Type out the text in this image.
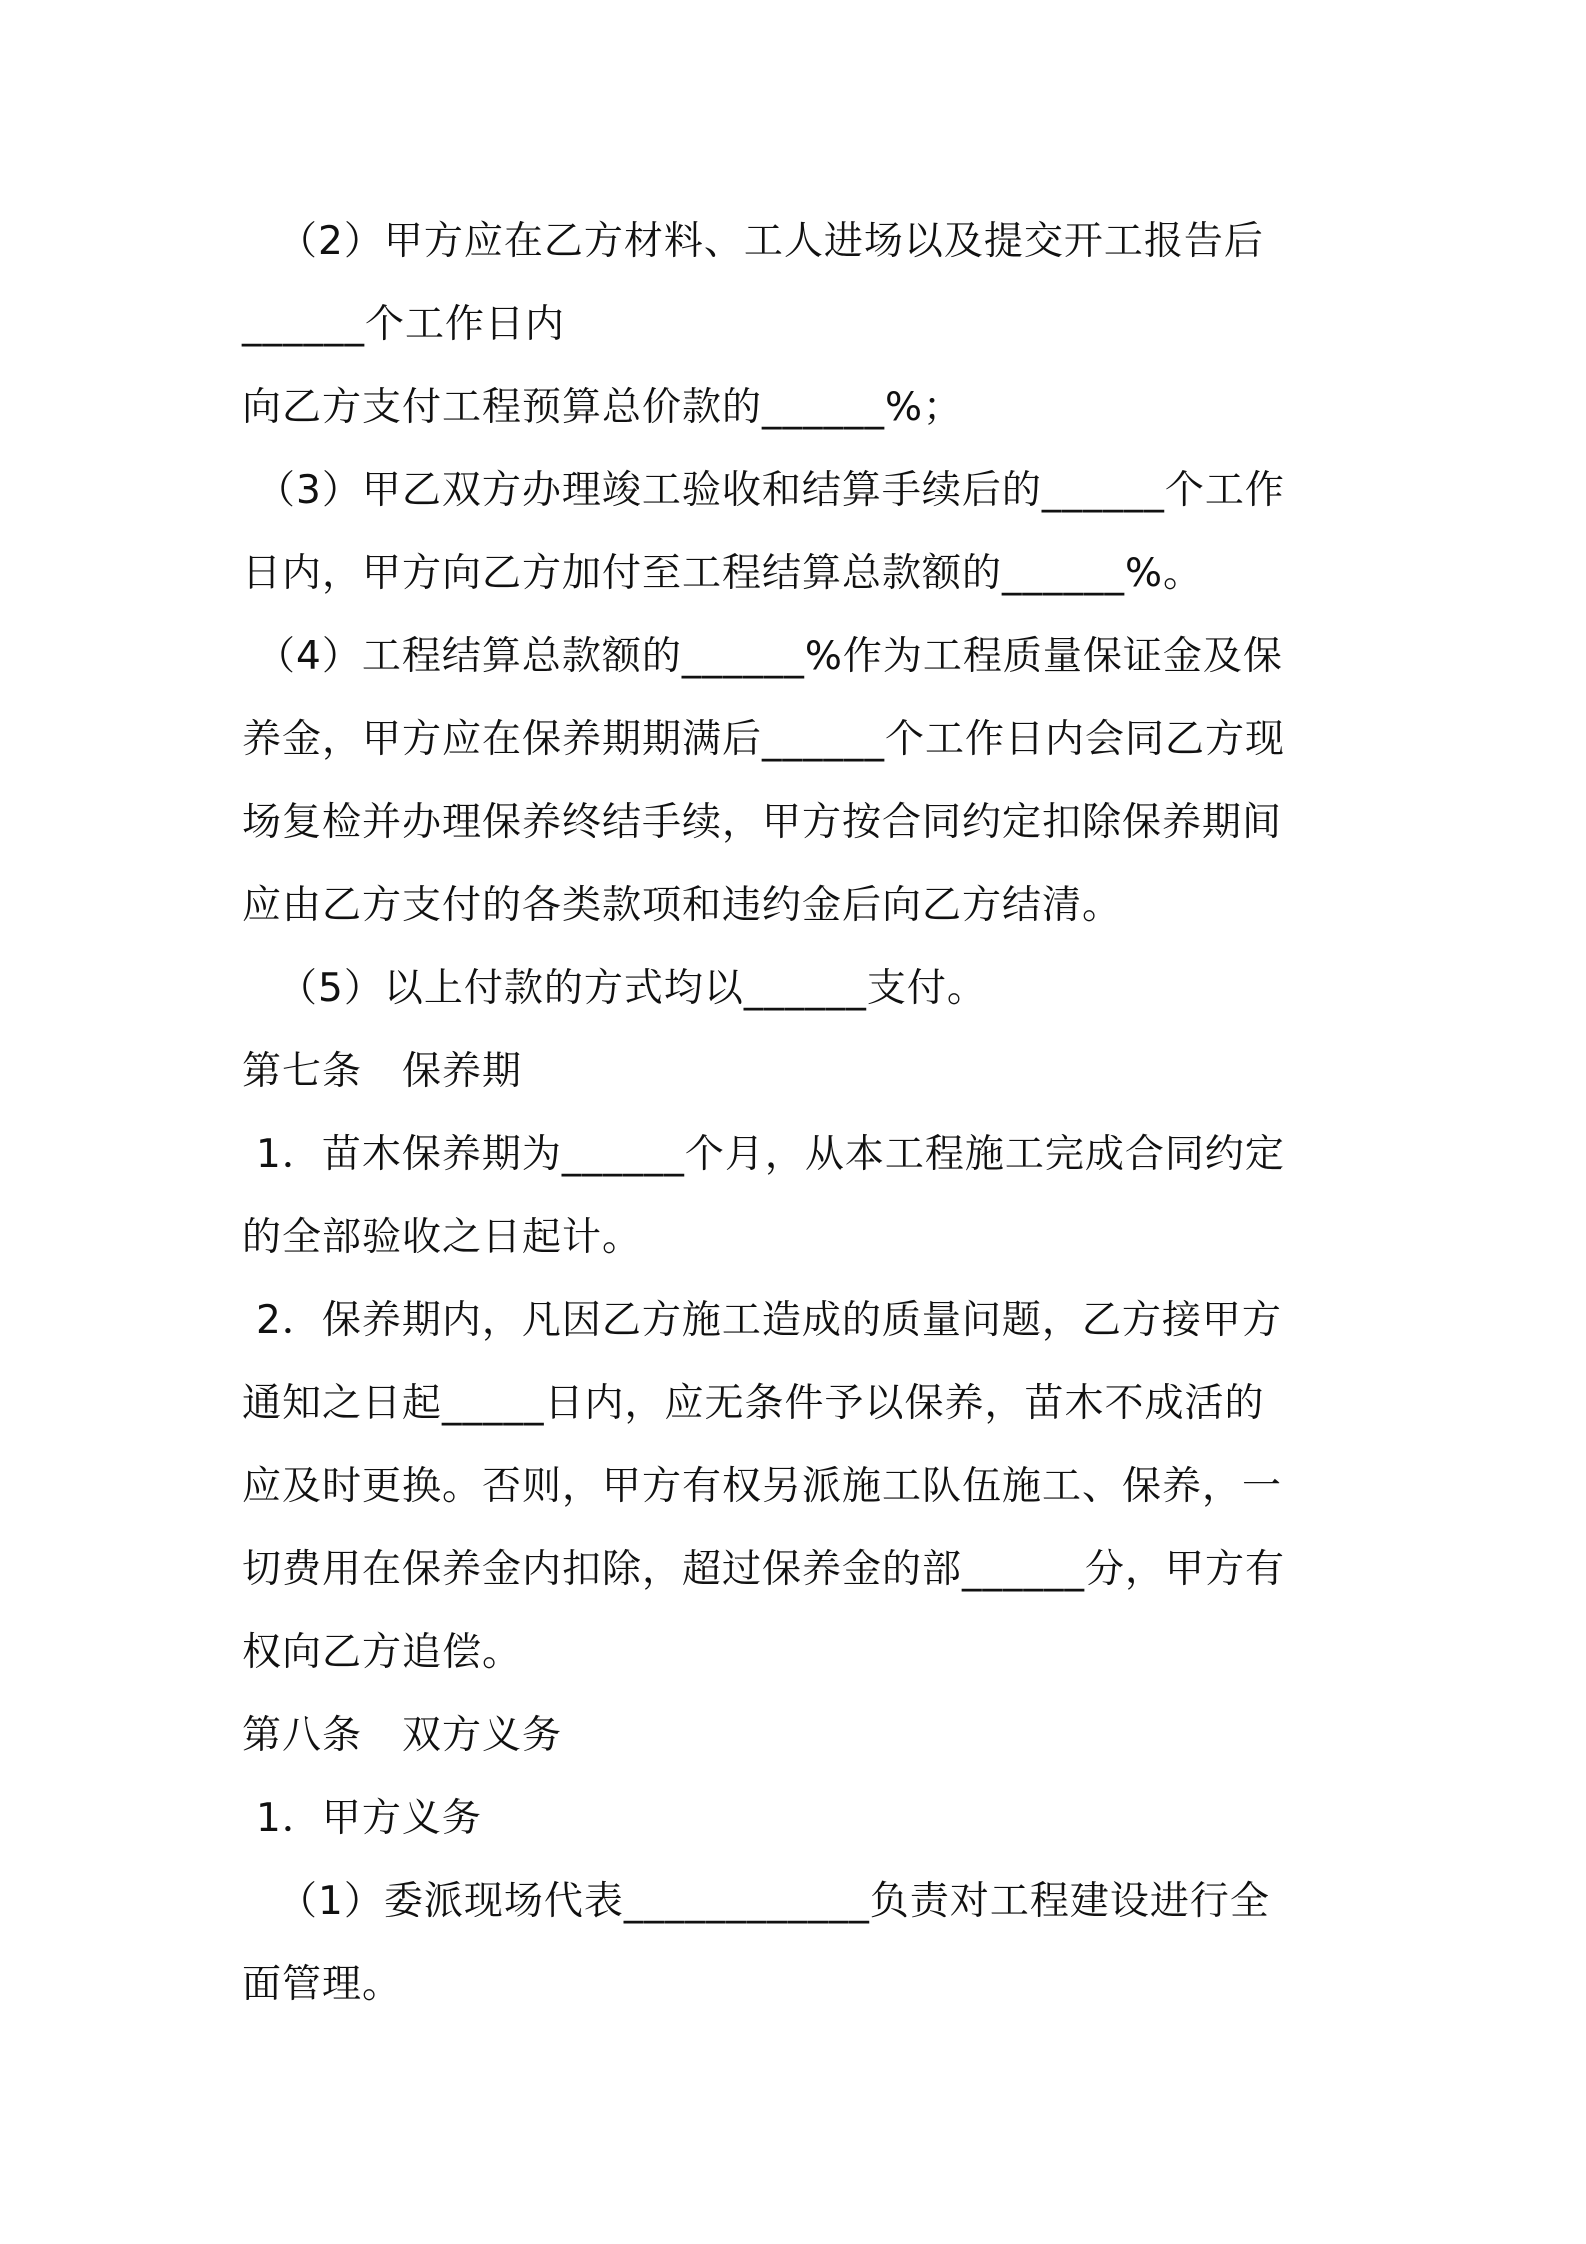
（2）甲方应在乙方材料、工人进场以及提交开工报告后
______个工作日内
向乙方支付工程预算总价款的______%；
（3）甲乙双方办理竣工验收和结算手续后的______个工作
日内，甲方向乙方加付至工程结算总款额的______%。
（4）工程结算总款额的______%作为工程质量保证金及保
养金，甲方应在保养期期满后______个工作日内会同乙方现
场复检并办理保养终结手续，甲方按合同约定扣除保养期间
应由乙方支付的各类款项和违约金后向乙方结清。
（5）以上付款的方式均以______支付。
第七条　保养期
1．苗木保养期为______个月，从本工程施工完成合同约定
的全部验收之日起计。
2．保养期内，凡因乙方施工造成的质量问题，乙方接甲方
通知之日起_____日内，应无条件予以保养，苗木不成活的
应及时更换。否则，甲方有权另派施工队伍施工、保养，一
切费用在保养金内扣除，超过保养金的部______分，甲方有
权向乙方追偿。
第八条　双方义务
1．甲方义务
（1）委派现场代表____________负责对工程建设进行全
面管理。
